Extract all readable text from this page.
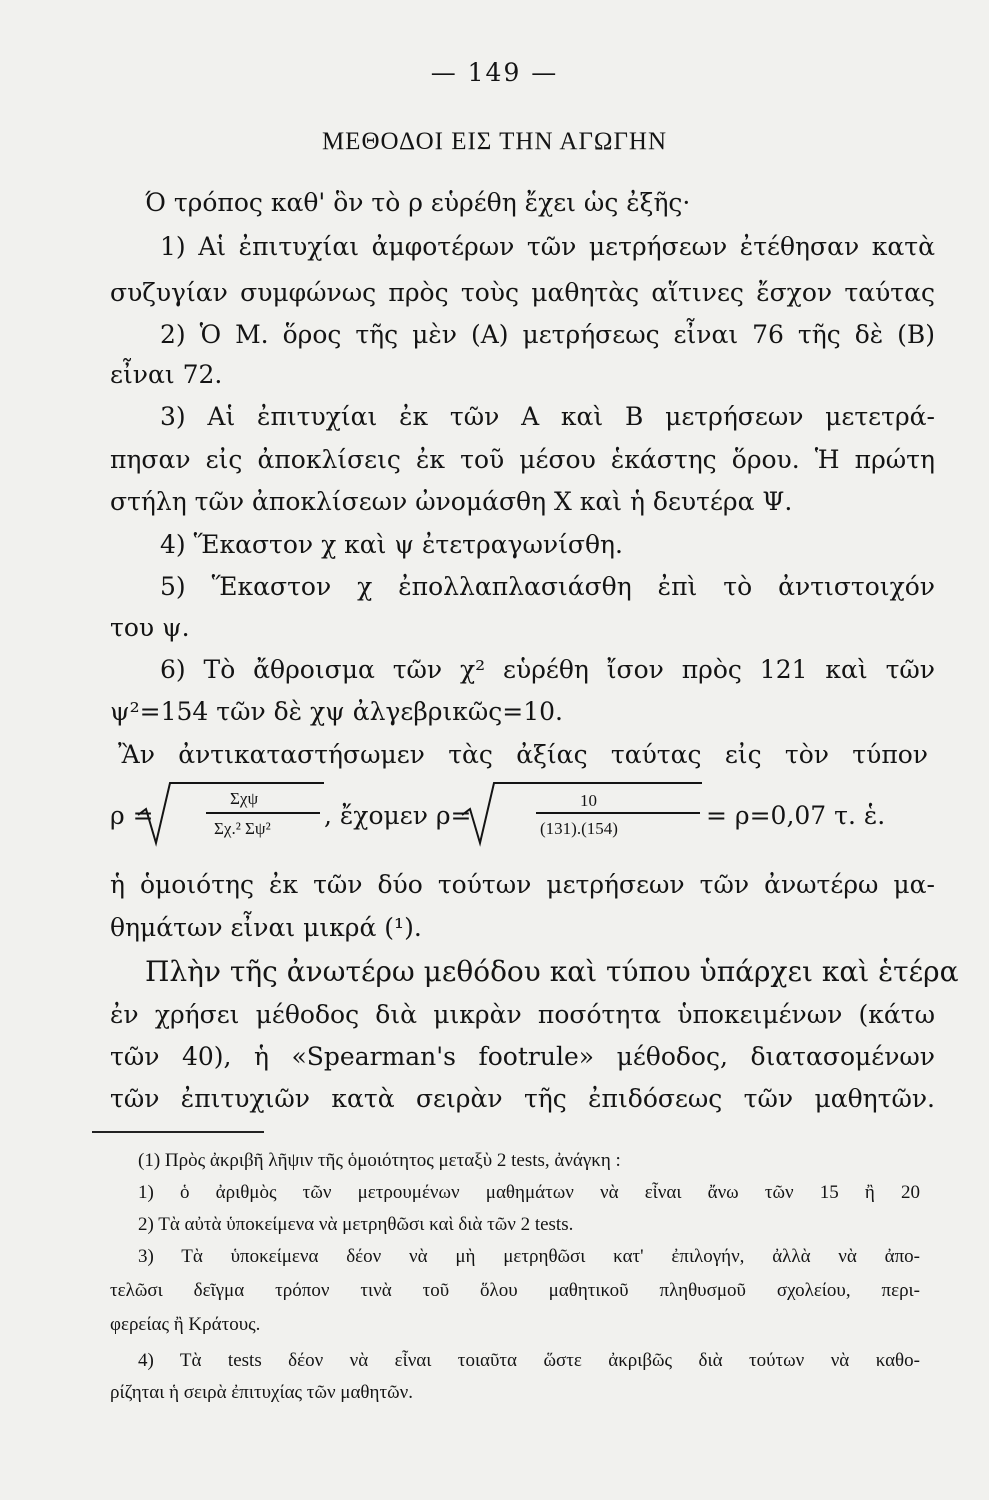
— 149 —
ΜΕΘΟΔΟΙ ΕΙΣ ΤΗΝ ΑΓΩΓΗΝ
Ό τρόπος καθ' ὃν τὸ ρ εὑρέθη ἔχει ὡς ἐξῆς·
1) Αἱ ἐπιτυχίαι ἀμφοτέρων τῶν μετρήσεων ἐτέθησαν κατὰ
συζυγίαν συμφώνως πρὸς τοὺς μαθητὰς αἵτινες ἔσχον ταύτας
2) Ὁ Μ. ὅρος τῆς μὲν (Α) μετρήσεως εἶναι 76 τῆς δὲ (Β)
εἶναι 72.
3) Αἱ ἐπιτυχίαι ἐκ τῶν Α καὶ Β μετρήσεων μετετρά-
πησαν εἰς ἀποκλίσεις ἐκ τοῦ μέσου ἑκάστης ὅρου. Ἡ πρώτη
στήλη τῶν ἀποκλίσεων ὠνομάσθη Χ καὶ ἡ δευτέρα Ψ.
4) Ἕκαστον χ καὶ ψ ἐτετραγωνίσθη.
5) Ἕκαστον χ ἐπολλαπλασιάσθη ἐπὶ τὸ ἀντιστοιχόν
του ψ.
6) Τὸ ἄθροισμα τῶν χ² εὑρέθη ἴσον πρὸς 121 καὶ τῶν
ψ²=154 τῶν δὲ χψ ἀλγεβρικῶς=10.
Ἂν ἀντικαταστήσωμεν τὰς ἀξίας ταύτας εἰς τὸν τύπον
ρ =
Σχψ
Σχ.² Σψ² , ἔχομεν ρ=
10
(131).(154)	= ρ=0,07 τ. ἑ.
ἡ ὁμοιότης ἐκ τῶν δύο τούτων μετρήσεων τῶν ἀνωτέρω μα-
θημάτων εἶναι μικρά (¹).
Πλὴν τῆς ἀνωτέρω μεθόδου καὶ τύπου ὑπάρχει καὶ ἑτέρα
ἐν χρήσει μέθοδος διὰ μικρὰν ποσότητα ὑποκειμένων (κάτω
τῶν 40), ἡ «Spearman's footrule» μέθοδος, διατασομένων
τῶν ἐπιτυχιῶν κατὰ σειρὰν τῆς ἐπιδόσεως τῶν μαθητῶν.
(1) Πρὸς ἀκριβῆ λῆψιν τῆς ὁμοιότητος μεταξὺ 2 tests, ἀνάγκη :
1) ὁ ἀριθμὸς τῶν μετρουμένων μαθημάτων νὰ εἶναι ἄνω τῶν 15 ἢ 20
2) Τὰ αὐτὰ ὑποκείμενα νὰ μετρηθῶσι καὶ διὰ τῶν 2 tests.
3) Τὰ ὑποκείμενα δέον νὰ μὴ μετρηθῶσι κατ' ἐπιλογήν, ἀλλὰ νὰ ἀπο-
τελῶσι δεῖγμα τρόπον τινὰ τοῦ ὅλου μαθητικοῦ πληθυσμοῦ σχολείου, περι-
φερείας ἢ Κράτους.
4) Τὰ tests δέον νὰ εἶναι τοιαῦτα ὥστε ἀκριβῶς διὰ τούτων νὰ καθο-
ρίζηται ἡ σειρὰ ἐπιτυχίας τῶν μαθητῶν.
